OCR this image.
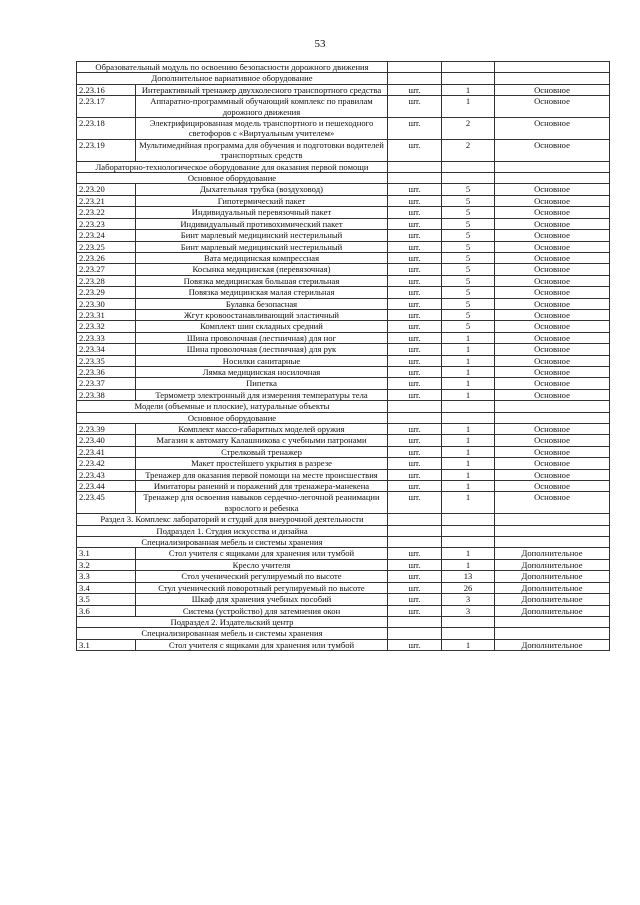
53
Образовательный модуль по освоению безопасности дорожного движения				
Дополнительное вариативное оборудование				
2.23.16	Интерактивный тренажер двухколесного транспортного средства	шт.	1	Основное
2.23.17	Аппаратно-программный обучающий комплекс по правилам дорожного движения	шт.	1	Основное
2.23.18	Электрифицированная модель транспортного и пешеходного светофоров с «Виртуальным учителем»	шт.	2	Основное
2.23.19	Мультимедийная программа для обучения и подготовки водителей транспортных средств	шт.	2	Основное
Лабораторно-технологическое оборудование для оказания первой помощи				
Основное оборудование				
2.23.20	Дыхательная трубка (воздуховод)	шт.	5	Основное
2.23.21	Гипотермический пакет	шт.	5	Основное
2.23.22	Индивидуальный перевязочный пакет	шт.	5	Основное
2.23.23	Индивидуальный противохимический пакет	шт.	5	Основное
2.23.24	Бинт марлевый медицинский нестерильный	шт.	5	Основное
2.23.25	Бинт марлевый медицинский нестерильный	шт.	5	Основное
2.23.26	Вата медицинская компрессная	шт.	5	Основное
2.23.27	Косынка медицинская (перевязочная)	шт.	5	Основное
2.23.28	Повязка медицинская большая стерильная	шт.	5	Основное
2.23.29	Повязка медицинская малая стерильная	шт.	5	Основное
2.23.30	Булавка безопасная	шт.	5	Основное
2.23.31	Жгут кровоостанавливающий эластичный	шт.	5	Основное
2.23.32	Комплект шин складных средний	шт.	5	Основное
2.23.33	Шина проволочная (лестничная) для ног	шт.	1	Основное
2.23.34	Шина проволочная (лестничная) для рук	шт.	1	Основное
2.23.35	Носилки санитарные	шт.	1	Основное
2.23.36	Лямка медицинская носилочная	шт.	1	Основное
2.23.37	Пипетка	шт.	1	Основное
2.23.38	Термометр электронный для измерения температуры тела	шт.	1	Основное
Модели (объемные и плоские), натуральные объекты				
Основное оборудование				
2.23.39	Комплект массо-габаритных моделей оружия	шт.	1	Основное
2.23.40	Магазин к автомату Калашникова с учебными патронами	шт.	1	Основное
2.23.41	Стрелковый тренажер	шт.	1	Основное
2.23.42	Макет простейшего укрытия в разрезе	шт.	1	Основное
2.23.43	Тренажер для оказания первой помощи на месте происшествия	шт.	1	Основное
2.23.44	Имитаторы ранений и поражений для тренажера-манекена	шт.	1	Основное
2.23.45	Тренажер для освоения навыков сердечно-легочной реанимации взрослого и ребенка	шт.	1	Основное
Раздел 3. Комплекс лабораторий и студий для внеурочной деятельности				
Подраздел 1. Студия искусства и дизайна				
Специализированная мебель и системы хранения				
3.1	Стол учителя с ящиками для хранения или тумбой	шт.	1	Дополнительное
3.2	Кресло учителя	шт.	1	Дополнительное
3.3	Стол ученический регулируемый по высоте	шт.	13	Дополнительное
3.4	Стул ученический поворотный регулируемый по высоте	шт.	26	Дополнительное
3.5	Шкаф для хранения учебных пособий	шт.	3	Дополнительное
3.6	Система (устройство) для затемнения окон	шт.	3	Дополнительное
Подраздел 2. Издательский центр				
Специализированная мебель и системы хранения				
3.1	Стол учителя с ящиками для хранения или тумбой	шт.	1	Дополнительное
